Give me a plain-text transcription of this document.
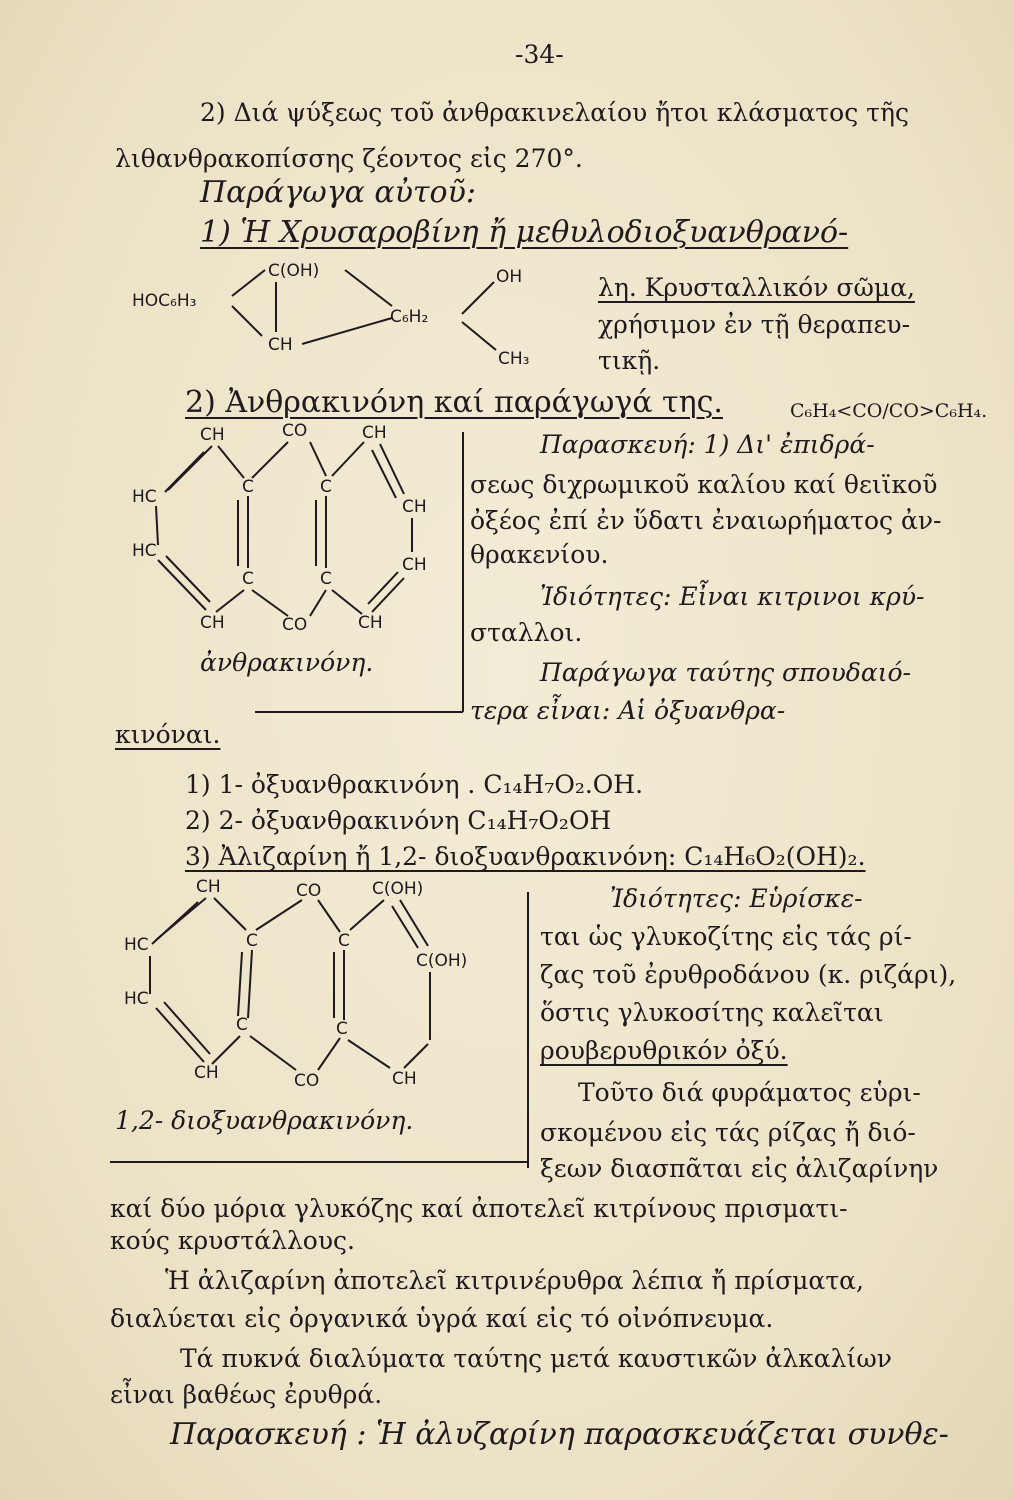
-34-
2) Διά ψύξεως τοῦ ἀνθρακινελαίου ἤτοι κλάσματος τῆς
λιθανθρακοπίσσης ζέοντος εἰς 270°.
Παράγωγα αὐτοῦ:
1) Ἡ Χρυσαροβίνη ἤ μεθυλοδιοξυανθρανό-
λη. Κρυσταλλικόν σῶμα,
χρήσιμον ἐν τῇ θεραπευ-
τικῇ.
2) Ἀνθρακινόνη καί παράγωγά της.	C₆H₄<CO/CO>C₆H₄.
Παρασκευή: 1) Δι' ἐπιδρά-
σεως διχρωμικοῦ καλίου καί θειϊκοῦ
ὀξέος ἐπί ἐν ὕδατι ἐναιωρήματος ἀν-
θρακενίου.
Ἰδιότητες: Εἶναι κιτρινοι κρύ-
σταλλοι.
Παράγωγα ταύτης σπουδαιό-
τερα εἶναι: Αἱ ὀξυανθρα-
ἀνθρακινόνη.
κινόναι.
1) 1- ὀξυανθρακινόνη . C₁₄H₇O₂.OH.
2) 2- ὀξυανθρακινόνη C₁₄H₇O₂OH
3) Ἀλιζαρίνη ἤ 1,2- διοξυανθρακινόνη: C₁₄H₆O₂(OH)₂.
Ἰδιότητες: Εὑρίσκε-
ται ὡς γλυκοζίτης εἰς τάς ρί-
ζας τοῦ ἐρυθροδάνου (κ. ριζάρι),
ὅστις γλυκοσίτης καλεῖται
ρουβερυθρικόν ὀξύ.
Τοῦτο διά φυράματος εὑρι-
σκομένου εἰς τάς ρίζας ἤ διό-
ξεων διασπᾶται εἰς ἀλιζαρίνην
1,2- διοξυανθρακινόνη.
καί δύο μόρια γλυκόζης καί ἀποτελεῖ κιτρίνους πρισματι-
κούς κρυστάλλους.
Ἡ ἀλιζαρίνη ἀποτελεῖ κιτρινέρυθρα λέπια ἤ πρίσματα,
διαλύεται εἰς ὀργανικά ὑγρά καί εἰς τό οἰνόπνευμα.
Τά πυκνά διαλύματα ταύτης μετά καυστικῶν ἀλκαλίων
εἶναι βαθέως ἐρυθρά.
Παρασκευή : Ἡ ἀλυζαρίνη παρασκευάζεται συνθε-
C(OH)
HOC₆H₃
CH
C₆H₂
OH
CH₃
CH	CO	CH
HC	C	C
CH
HC
C	C
CH
CH	CO	CH
CH	CO	C(OH)
HC	C	C
C(OH)
HC
C	C
CH	CO	CH
